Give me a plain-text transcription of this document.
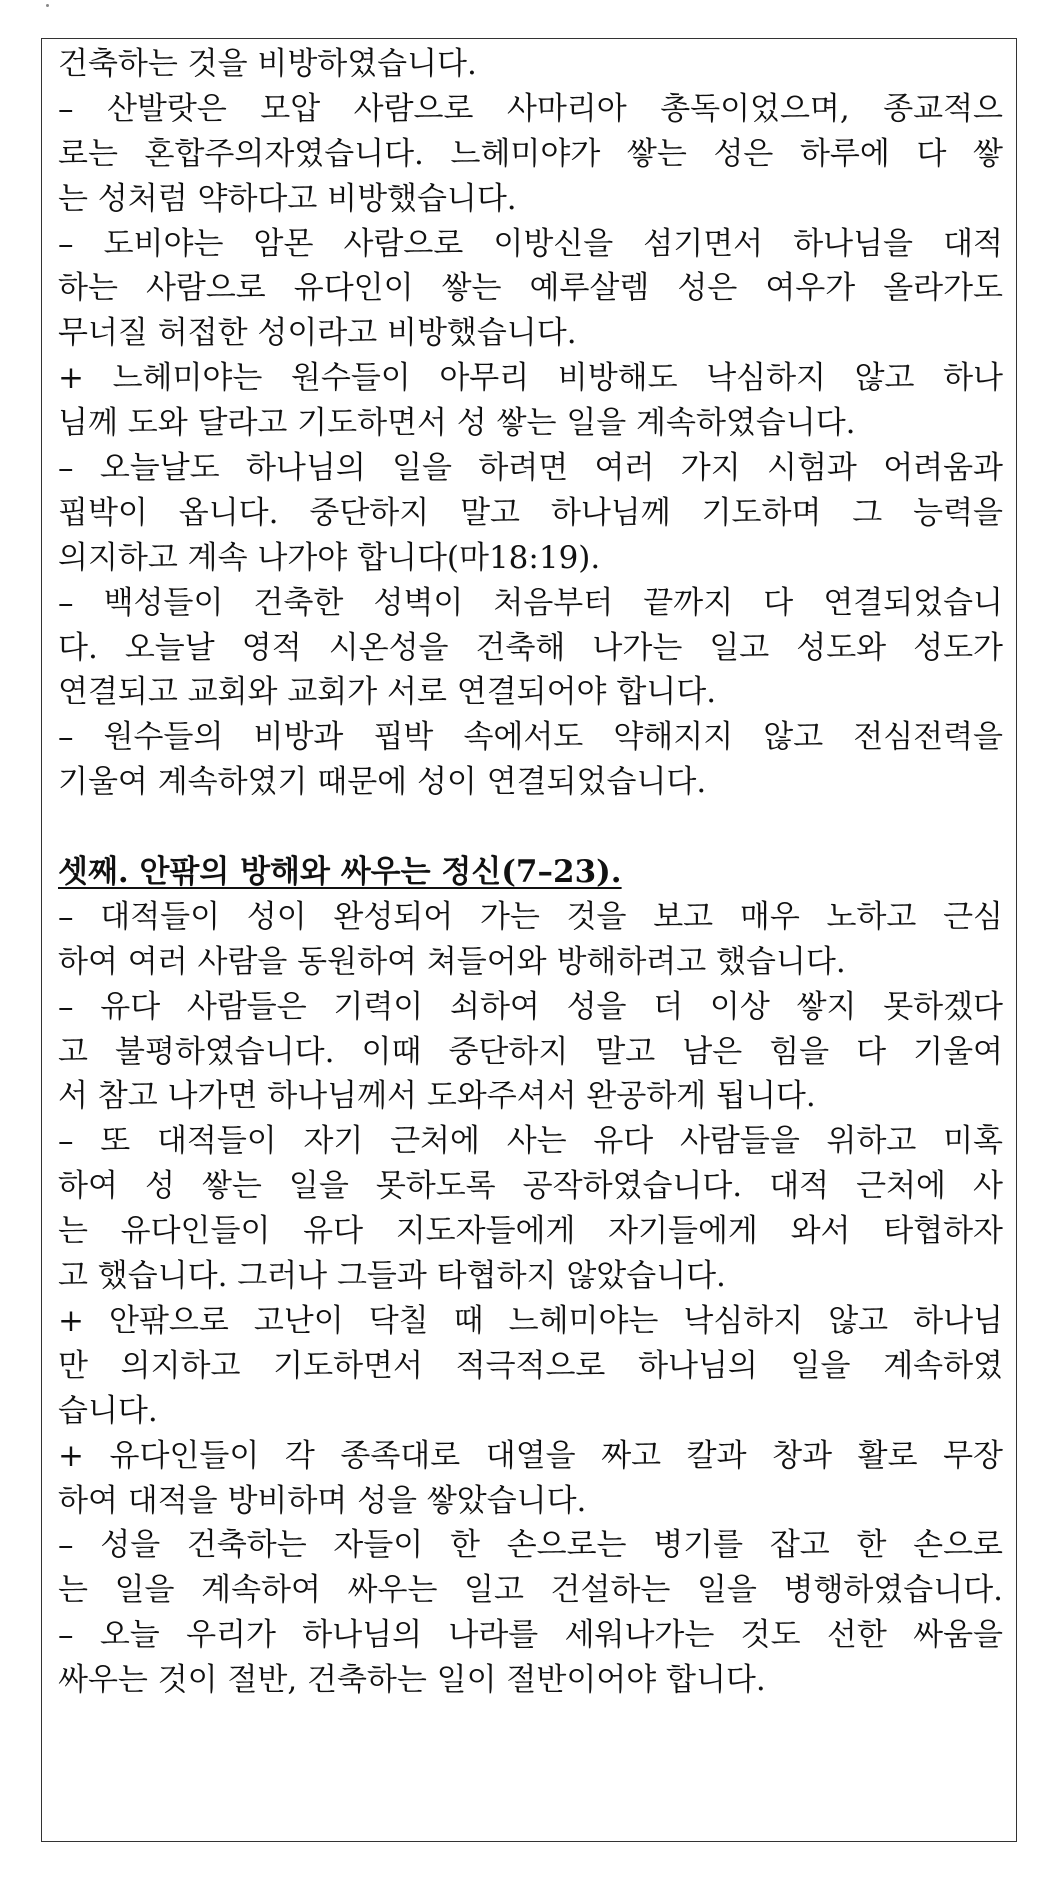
건축하는 것을 비방하였습니다.
– 산발랏은 모압 사람으로 사마리아 총독이었으며, 종교적으
로는 혼합주의자였습니다. 느헤미야가 쌓는 성은 하루에 다 쌓
는 성처럼 약하다고 비방했습니다.
– 도비야는 암몬 사람으로 이방신을 섬기면서 하나님을 대적
하는 사람으로 유다인이 쌓는 예루살렘 성은 여우가 올라가도
무너질 허접한 성이라고 비방했습니다.
+ 느헤미야는 원수들이 아무리 비방해도 낙심하지 않고 하나
님께 도와 달라고 기도하면서 성 쌓는 일을 계속하였습니다.
– 오늘날도 하나님의 일을 하려면 여러 가지 시험과 어려움과
핍박이 옵니다. 중단하지 말고 하나님께 기도하며 그 능력을
의지하고 계속 나가야 합니다(마18:19).
– 백성들이 건축한 성벽이 처음부터 끝까지 다 연결되었습니
다. 오늘날 영적 시온성을 건축해 나가는 일고 성도와 성도가
연결되고 교회와 교회가 서로 연결되어야 합니다.
– 원수들의 비방과 핍박 속에서도 약해지지 않고 전심전력을
기울여 계속하였기 때문에 성이 연결되었습니다.
셋째. 안팎의 방해와 싸우는 정신(7–23).
– 대적들이 성이 완성되어 가는 것을 보고 매우 노하고 근심
하여 여러 사람을 동원하여 쳐들어와 방해하려고 했습니다.
– 유다 사람들은 기력이 쇠하여 성을 더 이상 쌓지 못하겠다
고 불평하였습니다. 이때 중단하지 말고 남은 힘을 다 기울여
서 참고 나가면 하나님께서 도와주셔서 완공하게 됩니다.
– 또 대적들이 자기 근처에 사는 유다 사람들을 위하고 미혹
하여 성 쌓는 일을 못하도록 공작하였습니다. 대적 근처에 사
는 유다인들이 유다 지도자들에게 자기들에게 와서 타협하자
고 했습니다. 그러나 그들과 타협하지 않았습니다.
+ 안팎으로 고난이 닥칠 때 느헤미야는 낙심하지 않고 하나님
만 의지하고 기도하면서 적극적으로 하나님의 일을 계속하였
습니다.
+ 유다인들이 각 종족대로 대열을 짜고 칼과 창과 활로 무장
하여 대적을 방비하며 성을 쌓았습니다.
– 성을 건축하는 자들이 한 손으로는 병기를 잡고 한 손으로
는 일을 계속하여 싸우는 일고 건설하는 일을 병행하였습니다.
– 오늘 우리가 하나님의 나라를 세워나가는 것도 선한 싸움을
싸우는 것이 절반, 건축하는 일이 절반이어야 합니다.
